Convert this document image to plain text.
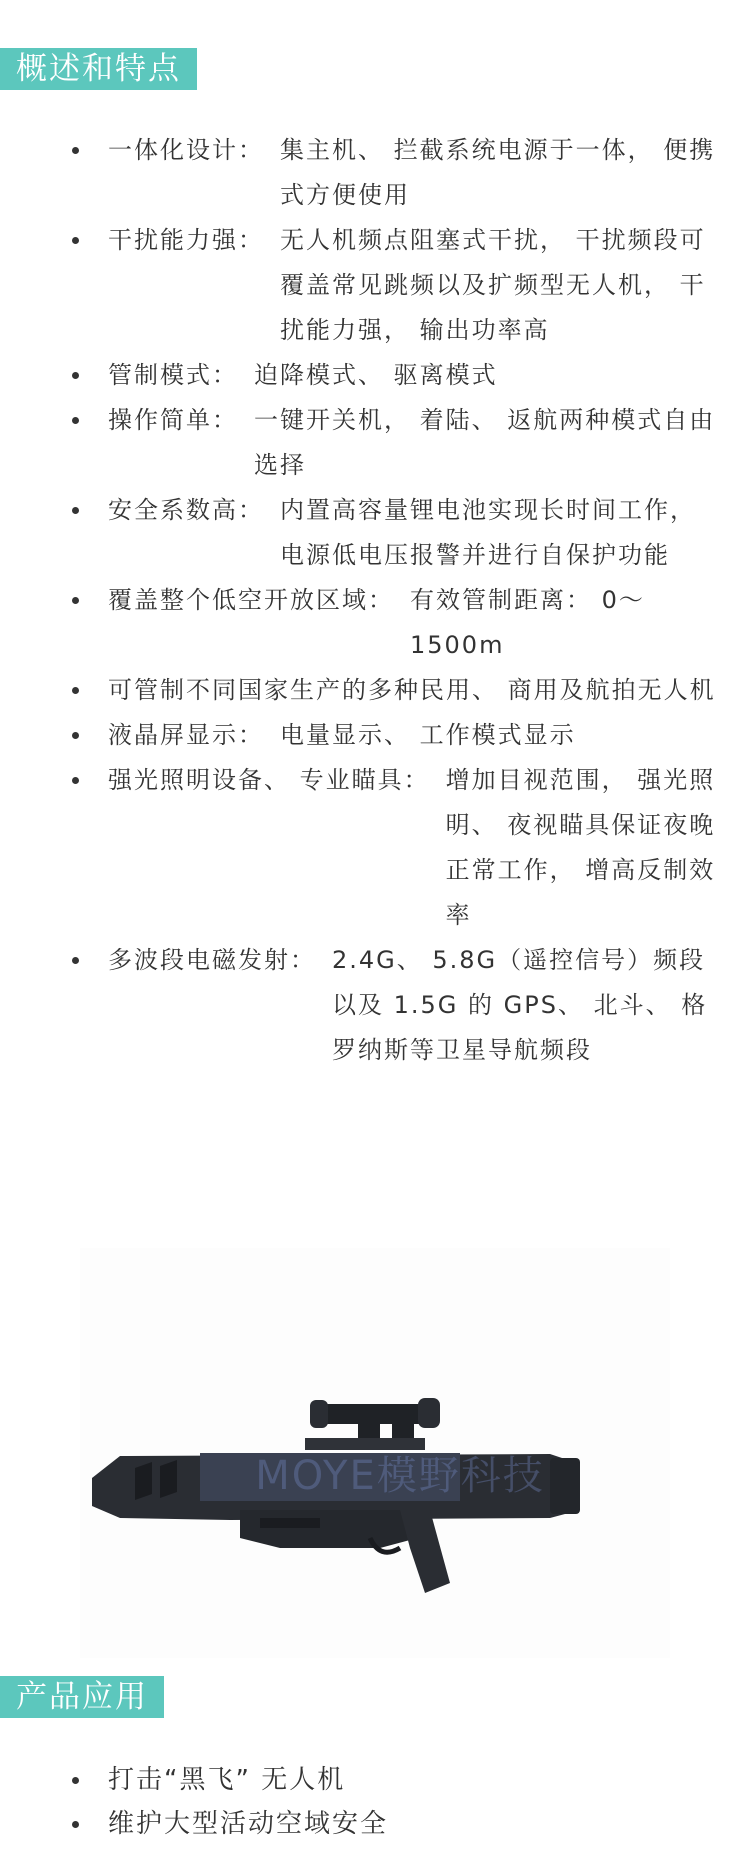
概述和特点
一体化设计： 集主机、 拦截系统电源于一体， 便携式方便使用
干扰能力强： 无人机频点阻塞式干扰， 干扰频段可覆盖常见跳频以及扩频型无人机， 干扰能力强， 输出功率高
管制模式： 迫降模式、 驱离模式
操作简单： 一键开关机， 着陆、 返航两种模式自由选择
安全系数高： 内置高容量锂电池实现长时间工作， 电源低电压报警并进行自保护功能
覆盖整个低空开放区域： 有效管制距离： 0～1500m
可管制不同国家生产的多种民用、 商用及航拍无人机
液晶屏显示： 电量显示、 工作模式显示
强光照明设备、 专业瞄具： 增加目视范围， 强光照明、 夜视瞄具保证夜晚正常工作， 增高反制效率
多波段电磁发射： 2.4G、 5.8G（遥控信号）频段以及 1.5G 的 GPS、 北斗、 格罗纳斯等卫星导航频段
MOYE模野科技
产品应用
打击“黑飞” 无人机
维护大型活动空域安全
